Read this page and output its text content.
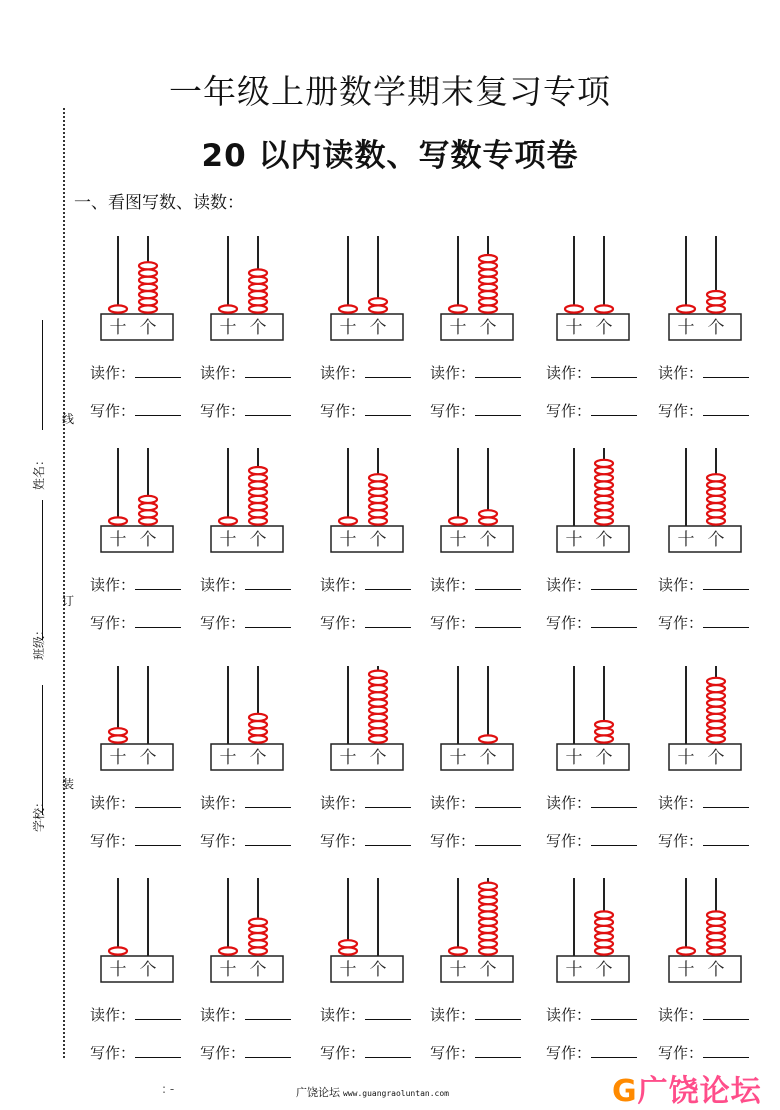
一年级上册数学期末复习专项
20 以内读数、写数专项卷
一、看图写数、读数：
姓名：
线
班级：
订
学校：
装
十 个
读作：
写作：
十 个
读作：
写作：
十 个
读作：
写作：
十 个
读作：
写作：
十 个
读作：
写作：
十 个
读作：
写作：
十 个
读作：
写作：
十 个
读作：
写作：
十 个
读作：
写作：
十 个
读作：
写作：
十 个
读作：
写作：
十 个
读作：
写作：
十 个
读作：
写作：
十 个
读作：
写作：
十 个
读作：
写作：
十 个
读作：
写作：
十 个
读作：
写作：
十 个
读作：
写作：
十 个
读作：
写作：
十 个
读作：
写作：
十 个
读作：
写作：
十 个
读作：
写作：
十 个
读作：
写作：
十 个
读作：
写作：
: -	广饶论坛 www.guangraoluntan.com	G广饶论坛
